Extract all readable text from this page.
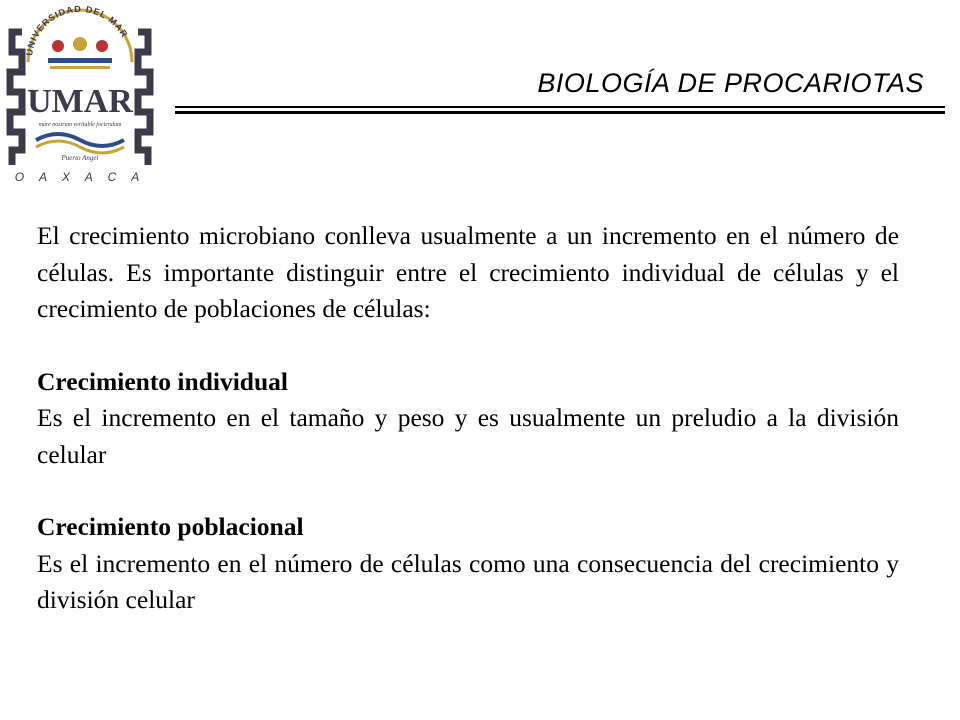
UNIVERSIDAD DEL MAR
UMAR
mare nostrum veritable fociendum
Puerto Angel
O A X A C A
BIOLOGÍA DE PROCARIOTAS

El crecimiento microbiano conlleva usualmente a un incremento en el número de células. Es importante distinguir entre el crecimiento individual de células y el crecimiento de poblaciones de células:

Crecimiento individual

Es el incremento en el tamaño y peso y es usualmente un preludio a la división celular

Crecimiento poblacional

Es el incremento en el número de células como una consecuencia del crecimiento y división celular
